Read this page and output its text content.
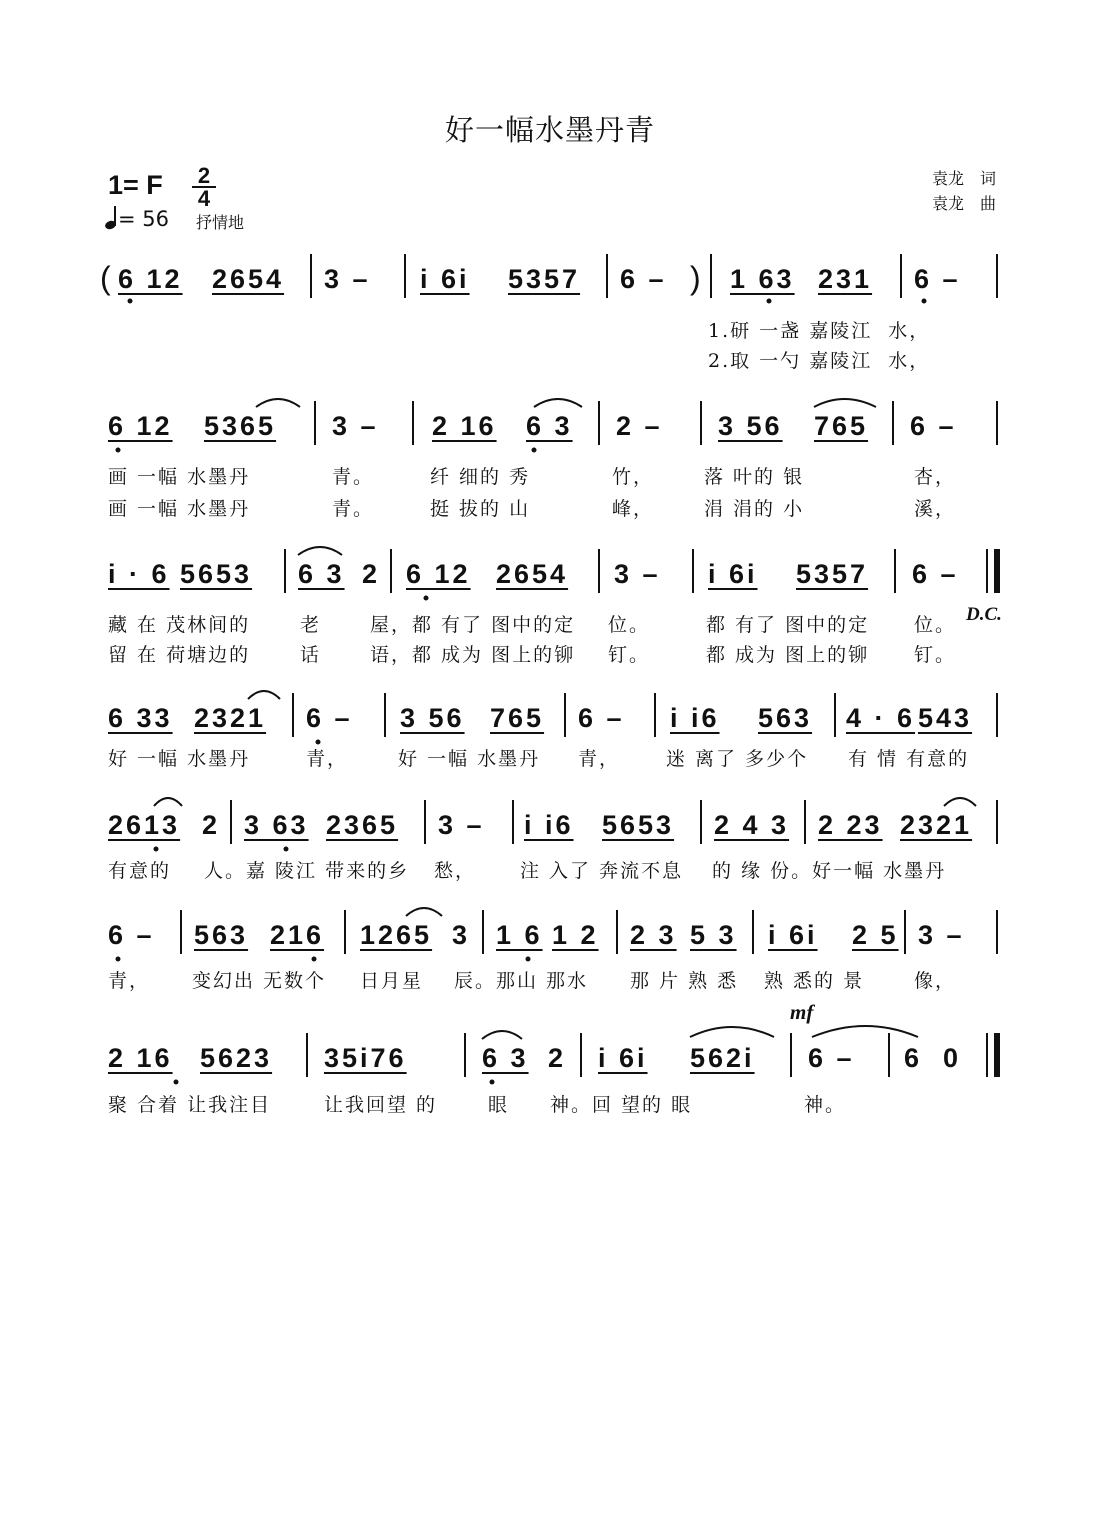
好一幅水墨丹青
1= F 2
4
= 56 抒情地
袁龙 词
袁龙 曲
( 6 12 2654 3 – i 6i 5357 6 – ) 1 63 231 6 –
1.研 一盏 嘉陵江  水，
2.取 一勺 嘉陵江  水，
6 12 5365 3 – 2 16 6 3 2 – 3 56 765 6 –
画 一幅 水墨丹	青。	纤 细的 秀	竹，	落 叶的 银	杏，
画 一幅 水墨丹	青。	挺 拔的 山	峰，	涓 涓的 小	溪，
i · 6 5653 6 3 2 6 12 2654 3 – i 6i 5357 6 –
藏 在 茂林间的	老	屋，都 有了 图中的定 位。	都 有了 图中的定 位。 D.C.
留 在 荷塘边的	话	语，都 成为 图上的铆 钉。	都 成为 图上的铆 钉。
6 33 2321 6 – 3 56 765 6 – i i6 563 4 · 6 543
好 一幅 水墨丹	青，	好 一幅 水墨丹 青， 迷 离了 多少个 有 情 有意的
2613 2 3 63 2365 3 – i i6 5653 2 4 3 2 23 2321
有意的 人。嘉 陵江 带来的乡 愁， 注 入了 奔流不息 的 缘 份。好一幅 水墨丹
6 – 563 216 1265 3 1 6 1 2 2 3 5 3 i 6i 2 5 3 –
青， 变幻出 无数个 日月星 辰。那山 那水 那 片 熟 悉 熟 悉的 景	像，
mf
2 16 5623 35i76	6 3 2 i 6i 562i 6 – 6  0
聚 合着 让我注目	让我回望 的	眼 神。回 望的 眼	神。
